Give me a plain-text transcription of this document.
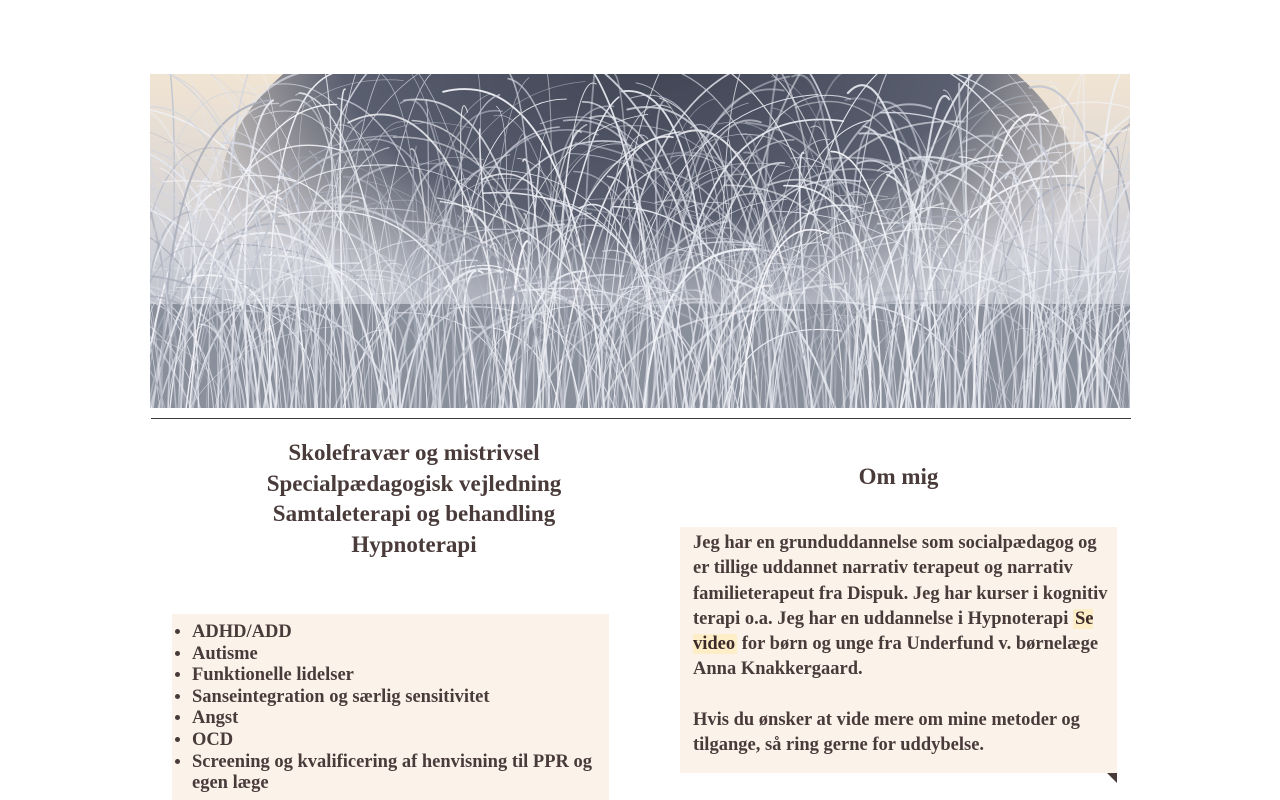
Skolefravær og mistrivsel
Specialpædagogisk vejledning
Samtaleterapi og behandling
Hypnoterapi
• ADHD/ADD
• Autisme
• Funktionelle lidelser
• Sanseintegration og særlig sensitivitet
• Angst
• OCD
• Screening og kvalificering af henvisning til PPR og egen læge
Om mig

Jeg har en grunduddannelse som socialpædagog og er tillige uddannet narrativ terapeut og narrativ familieterapeut fra Dispuk. Jeg har kurser i kognitiv terapi o.a. Jeg har en uddannelse i Hypnoterapi Se video for børn og unge fra Underfund v. børnelæge Anna Knakkergaard.

Hvis du ønsker at vide mere om mine metoder og tilgange, så ring gerne for uddybelse.
